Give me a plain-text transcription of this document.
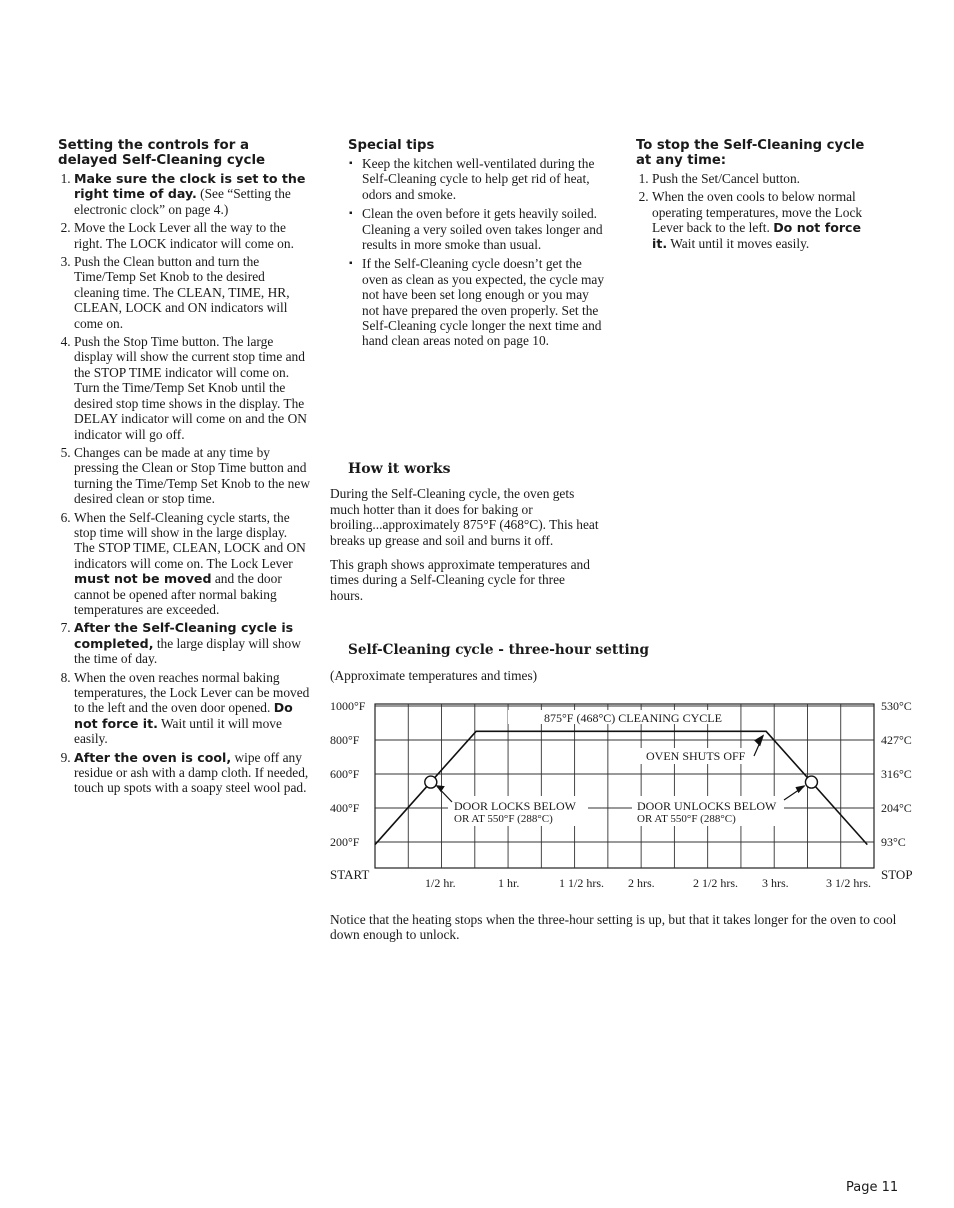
Setting the controls for a delayed Self-Cleaning cycle
1. Make sure the clock is set to the right time of day. (See “Setting the electronic clock” on page 4.)
2. Move the Lock Lever all the way to the right. The LOCK indicator will come on.
3. Push the Clean button and turn the Time/Temp Set Knob to the desired cleaning time. The CLEAN, TIME, HR, CLEAN, LOCK and ON indicators will come on.
4. Push the Stop Time button. The large display will show the current stop time and the STOP TIME indicator will come on. Turn the Time/Temp Set Knob until the desired stop time shows in the display. The DELAY indicator will come on and the ON indicator will go off.
5. Changes can be made at any time by pressing the Clean or Stop Time button and turning the Time/Temp Set Knob to the new desired clean or stop time.
6. When the Self-Cleaning cycle starts, the stop time will show in the large display. The STOP TIME, CLEAN, LOCK and ON indicators will come on. The Lock Lever must not be moved and the door cannot be opened after normal baking temperatures are exceeded.
7. After the Self-Cleaning cycle is completed, the large display will show the time of day.
8. When the oven reaches normal baking temperatures, the Lock Lever can be moved to the left and the oven door opened. Do not force it. Wait until it will move easily.
9. After the oven is cool, wipe off any residue or ash with a damp cloth. If needed, touch up spots with a soapy steel wool pad.
Special tips
▪ Keep the kitchen well-ventilated during the Self-Cleaning cycle to help get rid of heat, odors and smoke.
▪ Clean the oven before it gets heavily soiled. Cleaning a very soiled oven takes longer and results in more smoke than usual.
▪ If the Self-Cleaning cycle doesn’t get the oven as clean as you expected, the cycle may not have been set long enough or you may not have prepared the oven properly. Set the Self-Cleaning cycle longer the next time and hand clean areas noted on page 10.
How it works

During the Self-Cleaning cycle, the oven gets much hotter than it does for baking or broiling...approximately 875°F (468°C). This heat breaks up grease and soil and burns it off.

This graph shows approximate temperatures and times during a Self-Cleaning cycle for three hours.

To stop the Self-Cleaning cycle at any time:
1. Push the Set/Cancel button.
2. When the oven cools to below normal operating temperatures, move the Lock Lever back to the left. Do not force it. Wait until it moves easily.
Self-Cleaning cycle - three-hour setting
(Approximate temperatures and times)
875°F (468°C) CLEANING CYCLE
OVEN SHUTS OFF
DOOR LOCKS BELOW
OR AT 550°F (288°C)
DOOR UNLOCKS BELOW
OR AT 550°F (288°C)
1000°F
800°F
600°F
400°F
200°F
530°C
427°C
316°C
204°C
93°C
START
1/2 hr.	1 hr.	1 1/2 hrs. 2 hrs.	2 1/2 hrs. 3 hrs.	3 1/2 hrs.
STOP
Notice that the heating stops when the three-hour setting is up, but that it takes longer for the oven to cool down enough to unlock.
Page 11
